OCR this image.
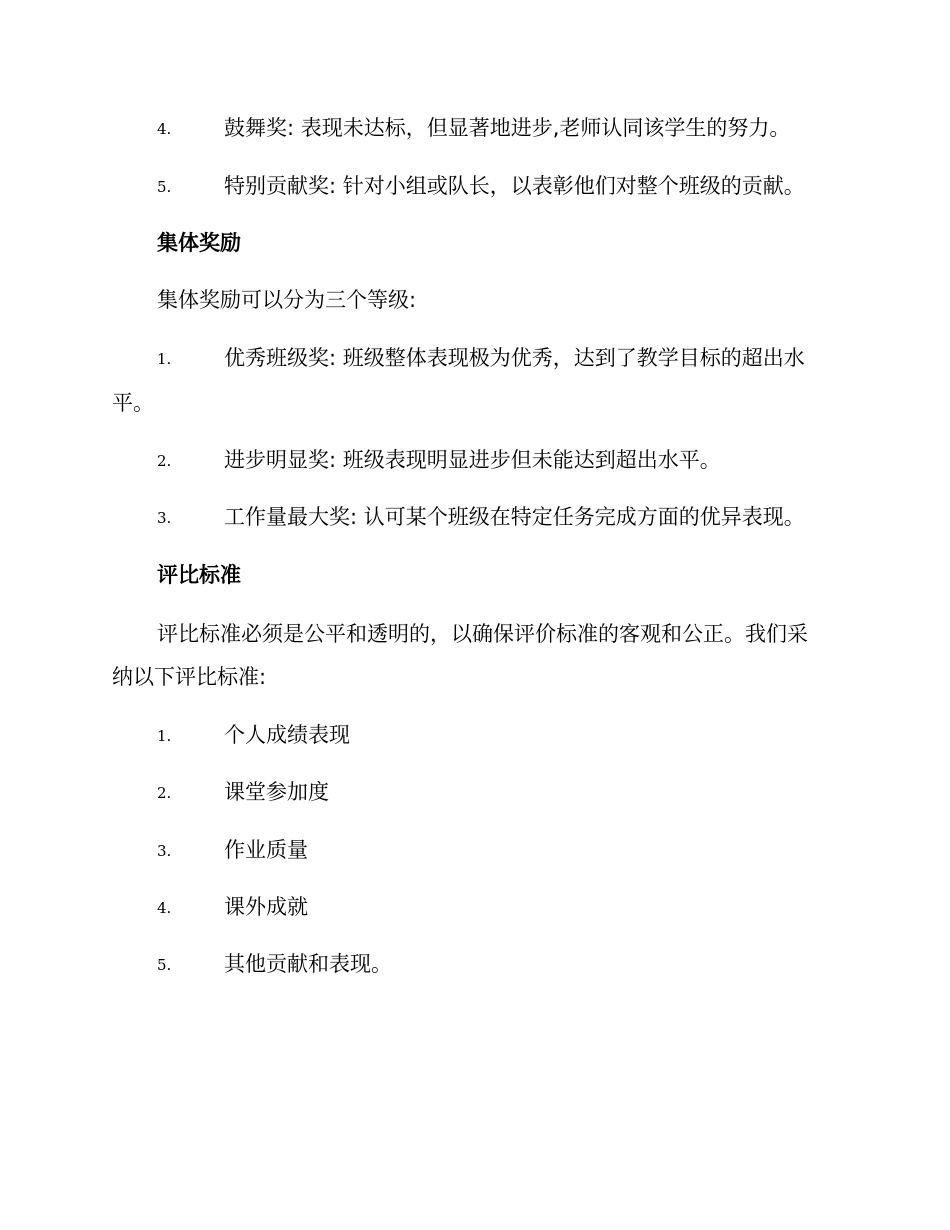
4.	鼓舞奖: 表现未达标，但显著地进步,老师认同该学生的努力。
5.	特别贡献奖: 针对小组或队长，以表彰他们对整个班级的贡献。
集体奖励
集体奖励可以分为三个等级:
1.	优秀班级奖: 班级整体表现极为优秀，达到了教学目标的超出水
平。
2.	进步明显奖: 班级表现明显进步但未能达到超出水平。
3.	工作量最大奖: 认可某个班级在特定任务完成方面的优异表现。
评比标准
评比标准必须是公平和透明的，以确保评价标准的客观和公正。我们采
纳以下评比标准:
1.	个人成绩表现
2.	课堂参加度
3.	作业质量
4.	课外成就
5.	其他贡献和表现。
